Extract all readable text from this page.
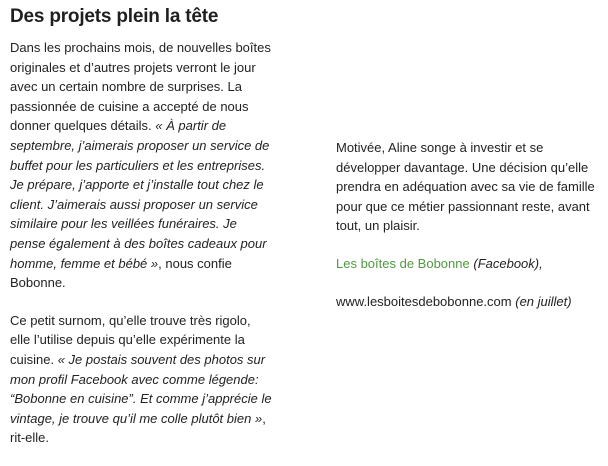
Des projets plein la tête

Dans les prochains mois, de nouvelles boîtes originales et d’autres projets verront le jour avec un certain nombre de surprises. La passionnée de cuisine a accepté de nous donner quelques détails. « À partir de septembre, j’aimerais proposer un service de buffet pour les particuliers et les entreprises. Je prépare, j’apporte et j’installe tout chez le client. J’aimerais aussi proposer un service similaire pour les veillées funéraires. Je pense également à des boîtes cadeaux pour homme, femme et bébé », nous confie Bobonne.

Ce petit surnom, qu’elle trouve très rigolo, elle l’utilise depuis qu’elle expérimente la cuisine. « Je postais souvent des photos sur mon profil Facebook avec comme légende: “Bobonne en cuisine”. Et comme j’apprécie le vintage, je trouve qu’il me colle plutôt bien », rit-elle.

Motivée, Aline songe à investir et se développer davantage. Une décision qu’elle prendra en adéquation avec sa vie de famille pour que ce métier passionnant reste, avant tout, un plaisir.

Les boîtes de Bobonne (Facebook),

www.lesboitesdebobonne.com (en juillet)
